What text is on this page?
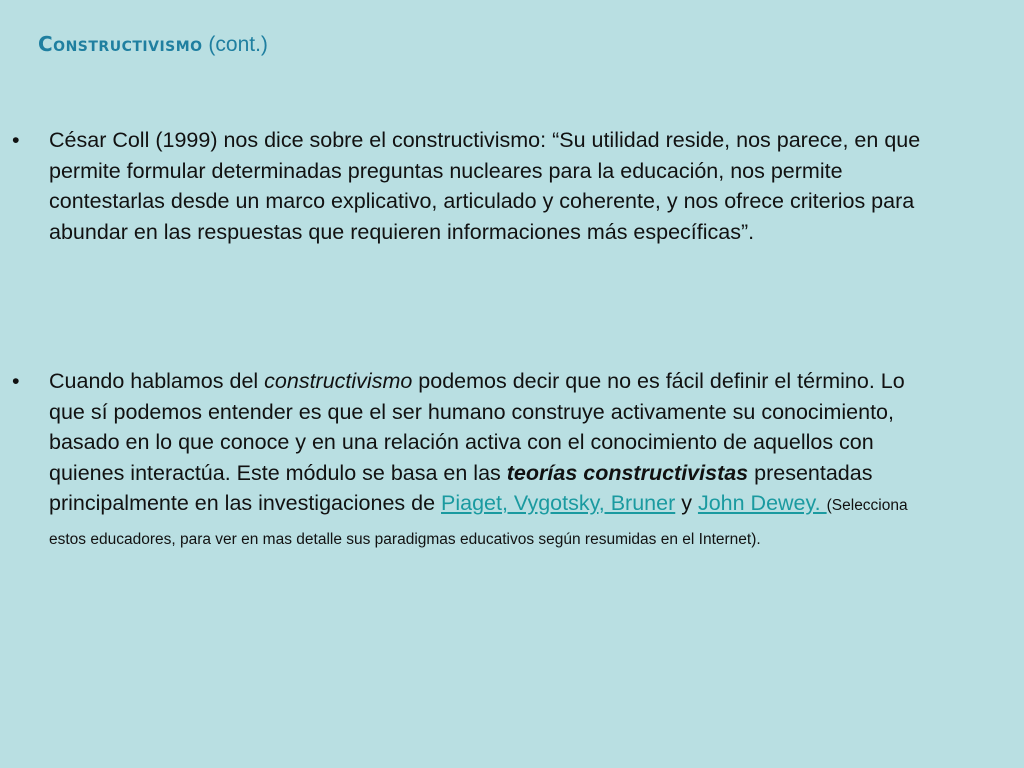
Constructivismo (cont.)
•	César Coll (1999) nos dice sobre el constructivismo: “Su utilidad reside, nos parece, en que permite formular determinadas preguntas nucleares para la educación, nos permite contestarlas desde un marco explicativo, articulado y coherente, y nos ofrece criterios para abundar en las respuestas que requieren informaciones más específicas”.
•	Cuando hablamos del constructivismo podemos decir que no es fácil definir el término. Lo que sí podemos entender es que el ser humano construye activamente su conocimiento, basado en lo que conoce y en una relación activa con el conocimiento de aquellos con quienes interactúa. Este módulo se basa en las teorías constructivistas presentadas principalmente en las investigaciones de Piaget, Vygotsky, Bruner y John Dewey. (Selecciona estos educadores, para ver en mas detalle sus paradigmas educativos según resumidas en el Internet).
